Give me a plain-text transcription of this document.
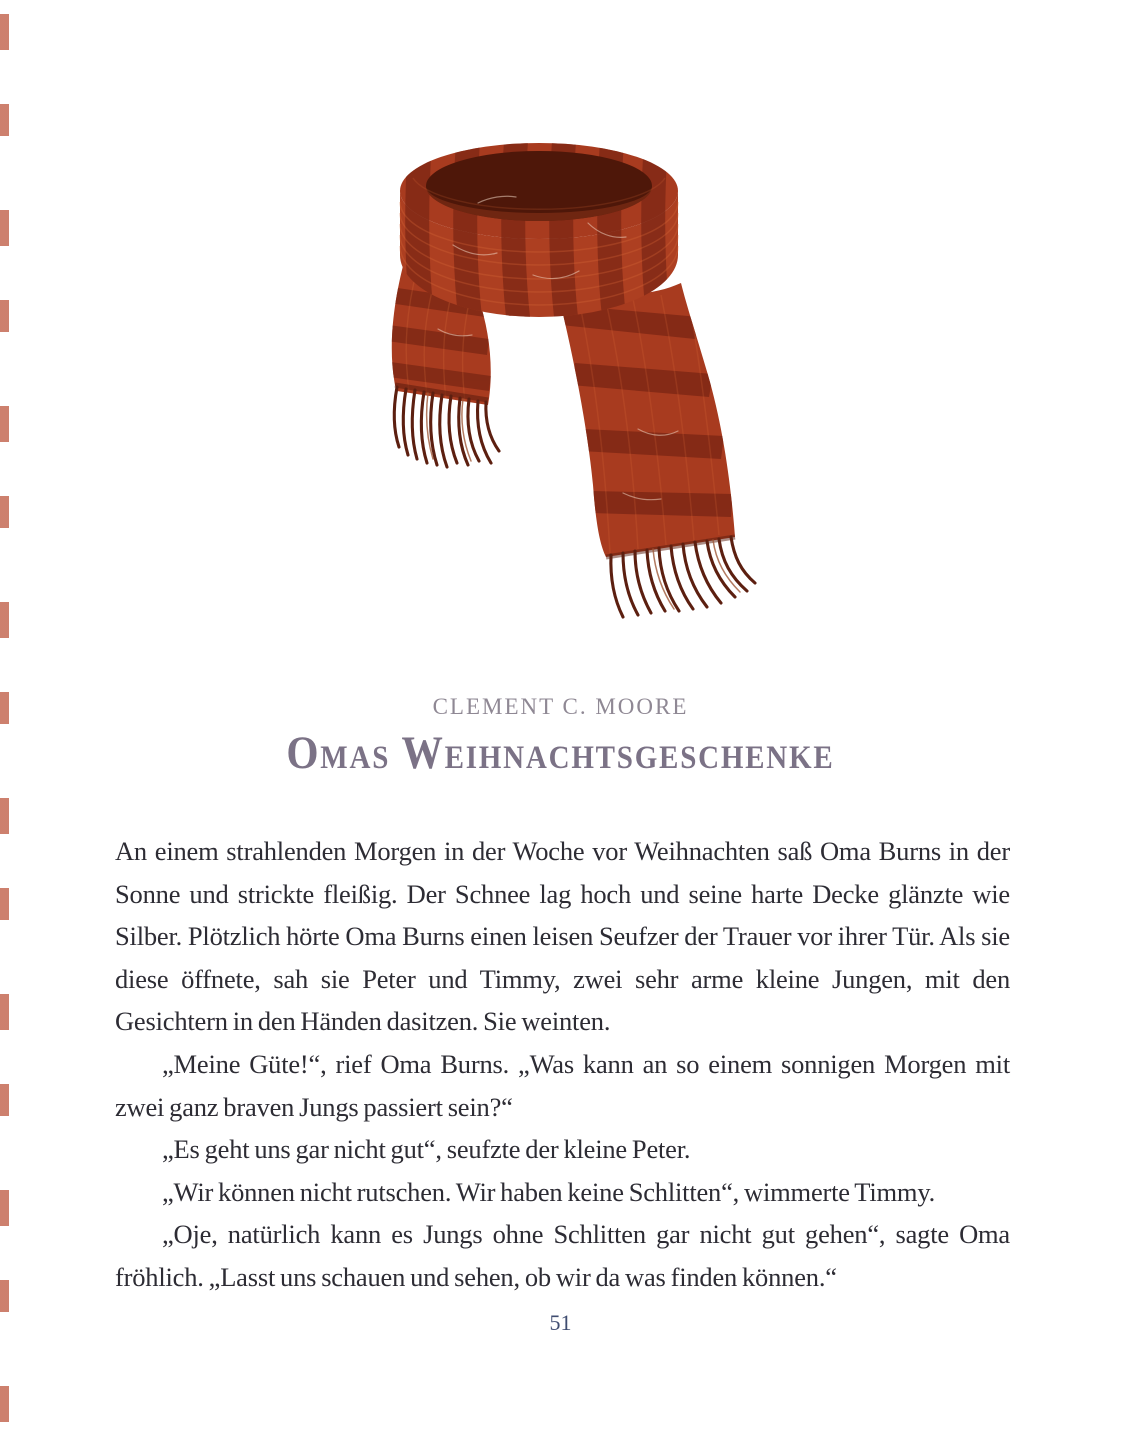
CLEMENT C. MOORE
Omas Weihnachtsgeschenke

An einem strahlenden Morgen in der Woche vor Weihnachten saß Oma Burns in der Sonne und strickte fleißig. Der Schnee lag hoch und seine harte Decke glänzte wie Silber. Plötzlich hörte Oma Burns einen leisen Seufzer der Trauer vor ihrer Tür. Als sie diese öffnete, sah sie Peter und Timmy, zwei sehr arme kleine Jungen, mit den Gesichtern in den Händen dasitzen. Sie weinten.

„Meine Güte!“, rief Oma Burns. „Was kann an so einem sonnigen Morgen mit zwei ganz braven Jungs passiert sein?“

„Es geht uns gar nicht gut“, seufzte der kleine Peter.

„Wir können nicht rutschen. Wir haben keine Schlitten“, wimmerte Timmy.

„Oje, natürlich kann es Jungs ohne Schlitten gar nicht gut gehen“, sagte Oma fröhlich. „Lasst uns schauen und sehen, ob wir da was finden können.“

51
